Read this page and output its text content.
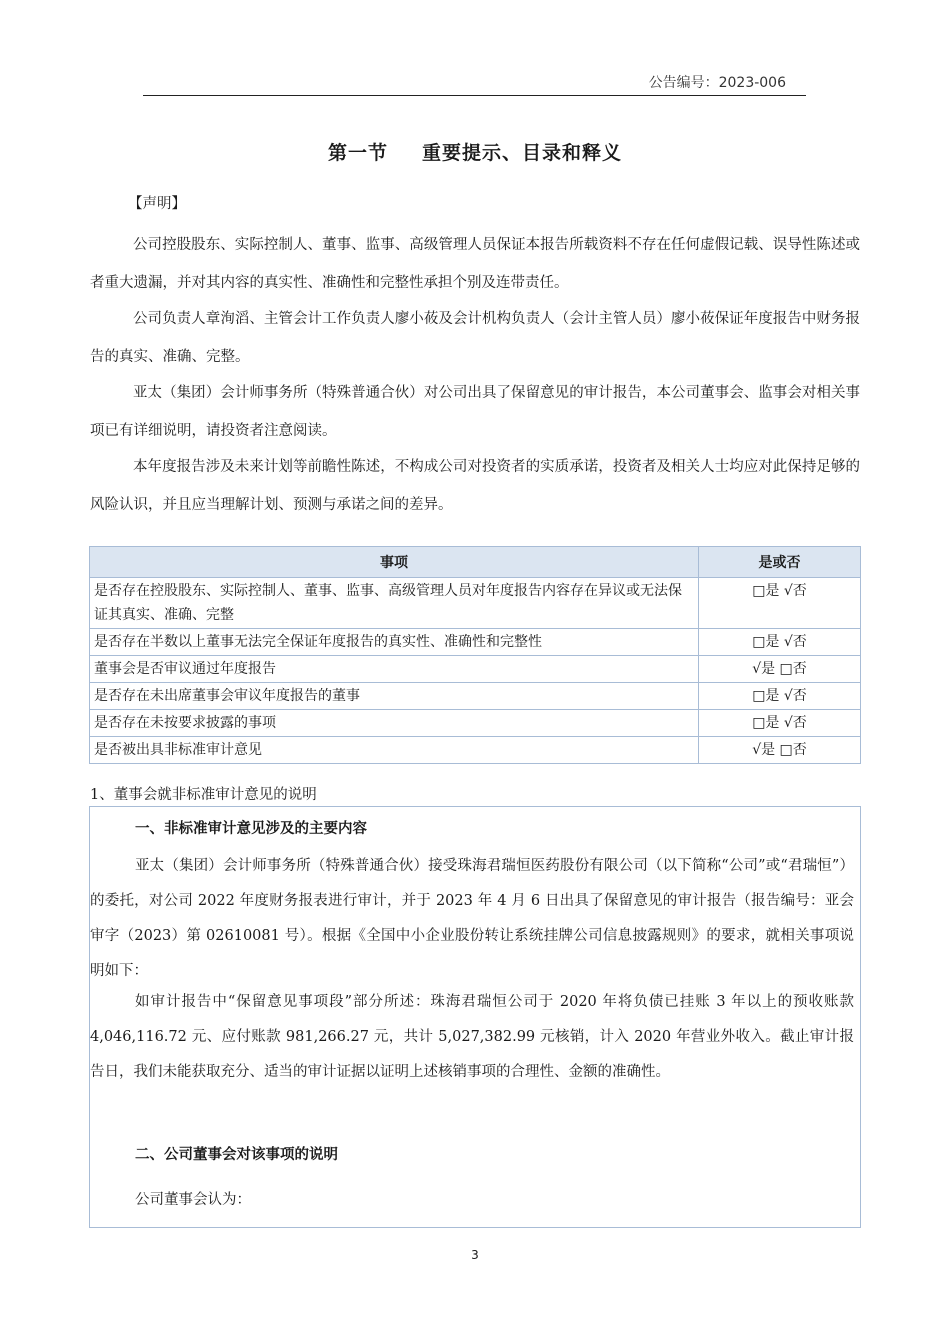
公告编号：2023-006
第一节 重要提示、目录和释义
【声明】

公司控股股东、实际控制人、董事、监事、高级管理人员保证本报告所载资料不存在任何虚假记载、误导性陈述或者重大遗漏，并对其内容的真实性、准确性和完整性承担个别及连带责任。

公司负责人章洵滔、主管会计工作负责人廖小莜及会计机构负责人（会计主管人员）廖小莜保证年度报告中财务报告的真实、准确、完整。

亚太（集团）会计师事务所（特殊普通合伙）对公司出具了保留意见的审计报告，本公司董事会、监事会对相关事项已有详细说明，请投资者注意阅读。

本年度报告涉及未来计划等前瞻性陈述，不构成公司对投资者的实质承诺，投资者及相关人士均应对此保持足够的风险认识，并且应当理解计划、预测与承诺之间的差异。

事项	是或否
是否存在控股股东、实际控制人、董事、监事、高级管理人员对年度报告内容存在异议或无法保证其真实、准确、完整	□是 √否
是否存在半数以上董事无法完全保证年度报告的真实性、准确性和完整性	□是 √否
董事会是否审议通过年度报告	√是 □否
是否存在未出席董事会审议年度报告的董事	□是 √否
是否存在未按要求披露的事项	□是 √否
是否被出具非标准审计意见	√是 □否
1、董事会就非标准审计意见的说明
一、非标准审计意见涉及的主要内容

亚太（集团）会计师事务所（特殊普通合伙）接受珠海君瑞恒医药股份有限公司（以下简称“公司”或“君瑞恒”）的委托，对公司 2022 年度财务报表进行审计，并于 2023 年 4 月 6 日出具了保留意见的审计报告（报告编号：亚会审字（2023）第 02610081 号）。根据《全国中小企业股份转让系统挂牌公司信息披露规则》的要求，就相关事项说明如下：

如审计报告中“保留意见事项段”部分所述：珠海君瑞恒公司于 2020 年将负债已挂账 3 年以上的预收账款 4,046,116.72 元、应付账款 981,266.27 元，共计 5,027,382.99 元核销，计入 2020 年营业外收入。截止审计报告日，我们未能获取充分、适当的审计证据以证明上述核销事项的合理性、金额的准确性。

二、公司董事会对该事项的说明

公司董事会认为：

3
